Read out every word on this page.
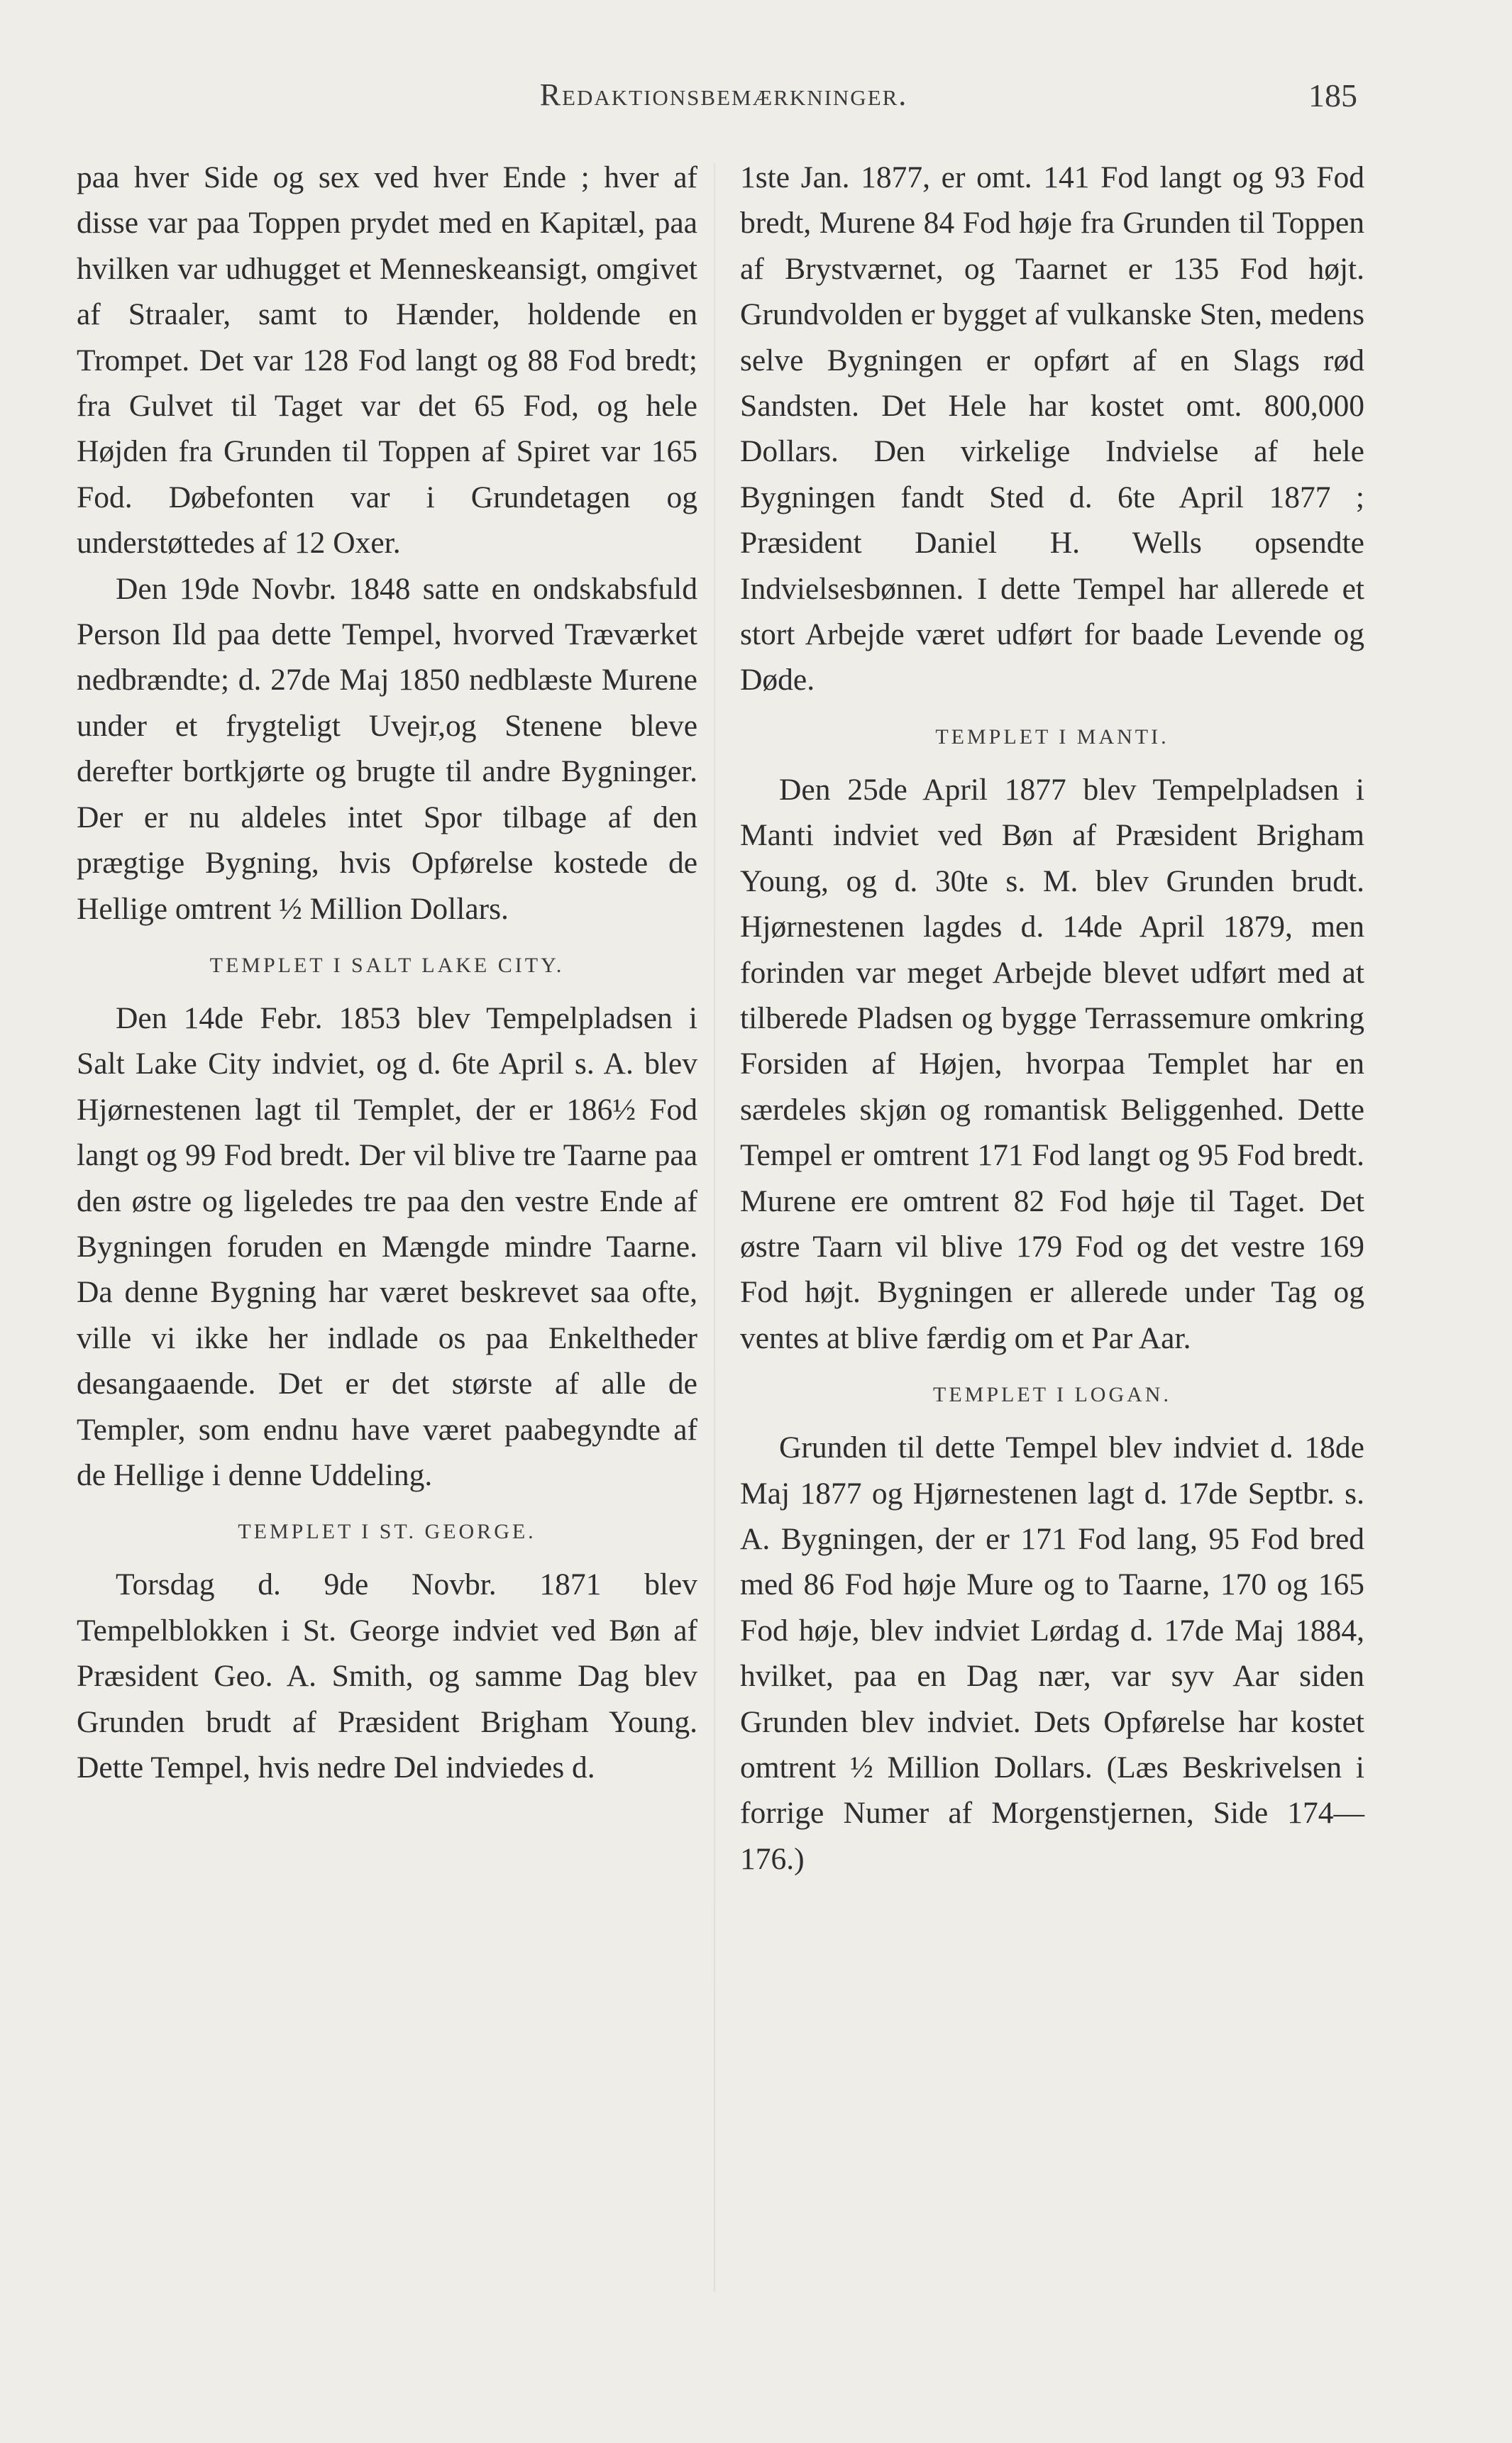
Redaktionsbemærkninger.	185

paa hver Side og sex ved hver Ende ; hver af disse var paa Toppen prydet med en Kapitæl, paa hvilken var udhugget et Menneskeansigt, omgivet af Straaler, samt to Hænder, holdende en Trompet. Det var 128 Fod langt og 88 Fod bredt; fra Gulvet til Taget var det 65 Fod, og hele Højden fra Grunden til Toppen af Spiret var 165 Fod. Døbefonten var i Grundetagen og understøttedes af 12 Oxer.

Den 19de Novbr. 1848 satte en ondskabsfuld Person Ild paa dette Tempel, hvorved Træværket nedbrændte; d. 27de Maj 1850 nedblæste Murene under et frygteligt Uvejr,og Stenene bleve derefter bortkjørte og brugte til andre Bygninger. Der er nu aldeles intet Spor tilbage af den prægtige Bygning, hvis Opførelse kostede de Hellige omtrent ½ Million Dollars.

TEMPLET I SALT LAKE CITY.

Den 14de Febr. 1853 blev Tempelpladsen i Salt Lake City indviet, og d. 6te April s. A. blev Hjørnestenen lagt til Templet, der er 186½ Fod langt og 99 Fod bredt. Der vil blive tre Taarne paa den østre og ligeledes tre paa den vestre Ende af Bygningen foruden en Mængde mindre Taarne. Da denne Bygning har været beskrevet saa ofte, ville vi ikke her indlade os paa Enkeltheder desangaaende. Det er det største af alle de Templer, som endnu have været paabegyndte af de Hellige i denne Uddeling.

TEMPLET I ST. GEORGE.

Torsdag d. 9de Novbr. 1871 blev Tempelblokken i St. George indviet ved Bøn af Præsident Geo. A. Smith, og samme Dag blev Grunden brudt af Præsident Brigham Young. Dette Tempel, hvis nedre Del indviedes d.

1ste Jan. 1877, er omt. 141 Fod langt og 93 Fod bredt, Murene 84 Fod høje fra Grunden til Toppen af Brystværnet, og Taarnet er 135 Fod højt. Grundvolden er bygget af vulkanske Sten, medens selve Bygningen er opført af en Slags rød Sandsten. Det Hele har kostet omt. 800,000 Dollars. Den virkelige Indvielse af hele Bygningen fandt Sted d. 6te April 1877 ; Præsident Daniel H. Wells opsendte Indvielsesbønnen. I dette Tempel har allerede et stort Arbejde været udført for baade Levende og Døde.

TEMPLET I MANTI.

Den 25de April 1877 blev Tempelpladsen i Manti indviet ved Bøn af Præsident Brigham Young, og d. 30te s. M. blev Grunden brudt. Hjørnestenen lagdes d. 14de April 1879, men forinden var meget Arbejde blevet udført med at tilberede Pladsen og bygge Terrassemure omkring Forsiden af Højen, hvorpaa Templet har en særdeles skjøn og romantisk Beliggenhed. Dette Tempel er omtrent 171 Fod langt og 95 Fod bredt. Murene ere omtrent 82 Fod høje til Taget. Det østre Taarn vil blive 179 Fod og det vestre 169 Fod højt. Bygningen er allerede under Tag og ventes at blive færdig om et Par Aar.

TEMPLET I LOGAN.

Grunden til dette Tempel blev indviet d. 18de Maj 1877 og Hjørnestenen lagt d. 17de Septbr. s. A. Bygningen, der er 171 Fod lang, 95 Fod bred med 86 Fod høje Mure og to Taarne, 170 og 165 Fod høje, blev indviet Lørdag d. 17de Maj 1884, hvilket, paa en Dag nær, var syv Aar siden Grunden blev indviet. Dets Opførelse har kostet omtrent ½ Million Dollars. (Læs Beskrivelsen i forrige Numer af Morgenstjernen, Side 174—176.)
